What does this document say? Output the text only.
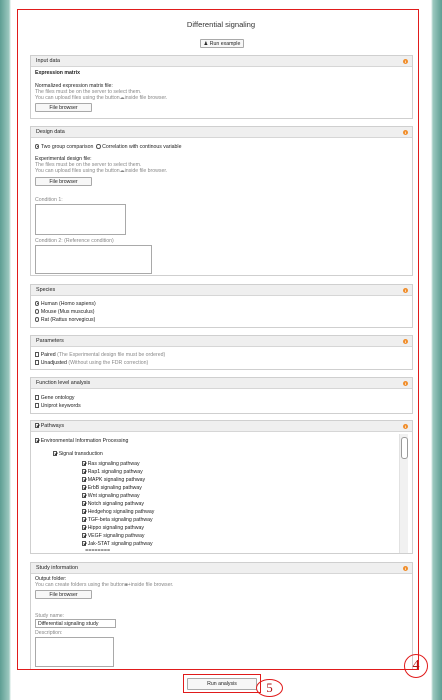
Differential signaling
♟ Run example
Input data	i
Expression matrix
Normalized expression matrix file:
The files must be on the server to select them.
You can upload files using the button☁inside file browser.
File browser
Design data	i
Two group comparison Correlation with continous variable
Experimental design file:
The files must be on the server to select them.
You can upload files using the button☁inside file browser.
File browser
Condition 1:
Condition 2: (Reference condition)
Species	i
Human (Homo sapiens)
Mouse (Mus musculus)
Rat (Rattus norvegicus)
Parameters	i
Paired (The Experimental design file must be ordered)
Unadjusted (Without using the FDR correction)
Function level analysis	i
Gene ontology
Uniprot keywords
Pathways	i
Environmental Information Processing
Signal transduction
Ras signaling pathway
Rap1 signaling pathway
MAPK signaling pathway
ErbB signaling pathway
Wnt signaling pathway
Notch signaling pathway
Hedgehog signaling pathway
TGF-beta signaling pathway
Hippo signaling pathway
VEGF signaling pathway
Jak-STAT signaling pathway
■■■■■■■■
Study information	i
Output folder:
You can create folders using the button■+inside file browser.
File browser
Study name:
Differential signaling study
Description:
4
Run analysis	5
